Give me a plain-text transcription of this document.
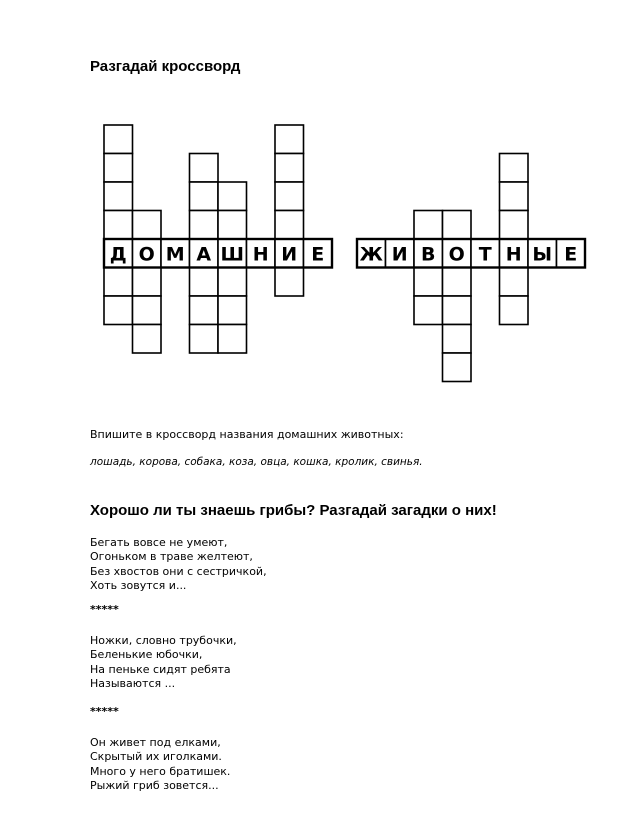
Разгадай кроссворд
Д О М А Ш Н И Е Ж И В О Т Н Ы Е
Впишите в кроссворд названия домашних животных:
лошадь, корова, собака, коза, овца, кошка, кролик, свинья.
Хорошо ли ты знаешь грибы? Разгадай загадки о них!
Бегать вовсе не умеют,
Огоньком в траве желтеют,
Без хвостов они с сестричкой,
Хоть зовутся и...
*****
Ножки, словно трубочки,
Беленькие юбочки,
На пеньке сидят ребята
Называются ...
*****
Он живет под елками,
Скрытый их иголками.
Много у него братишек.
Рыжий гриб зовется...
